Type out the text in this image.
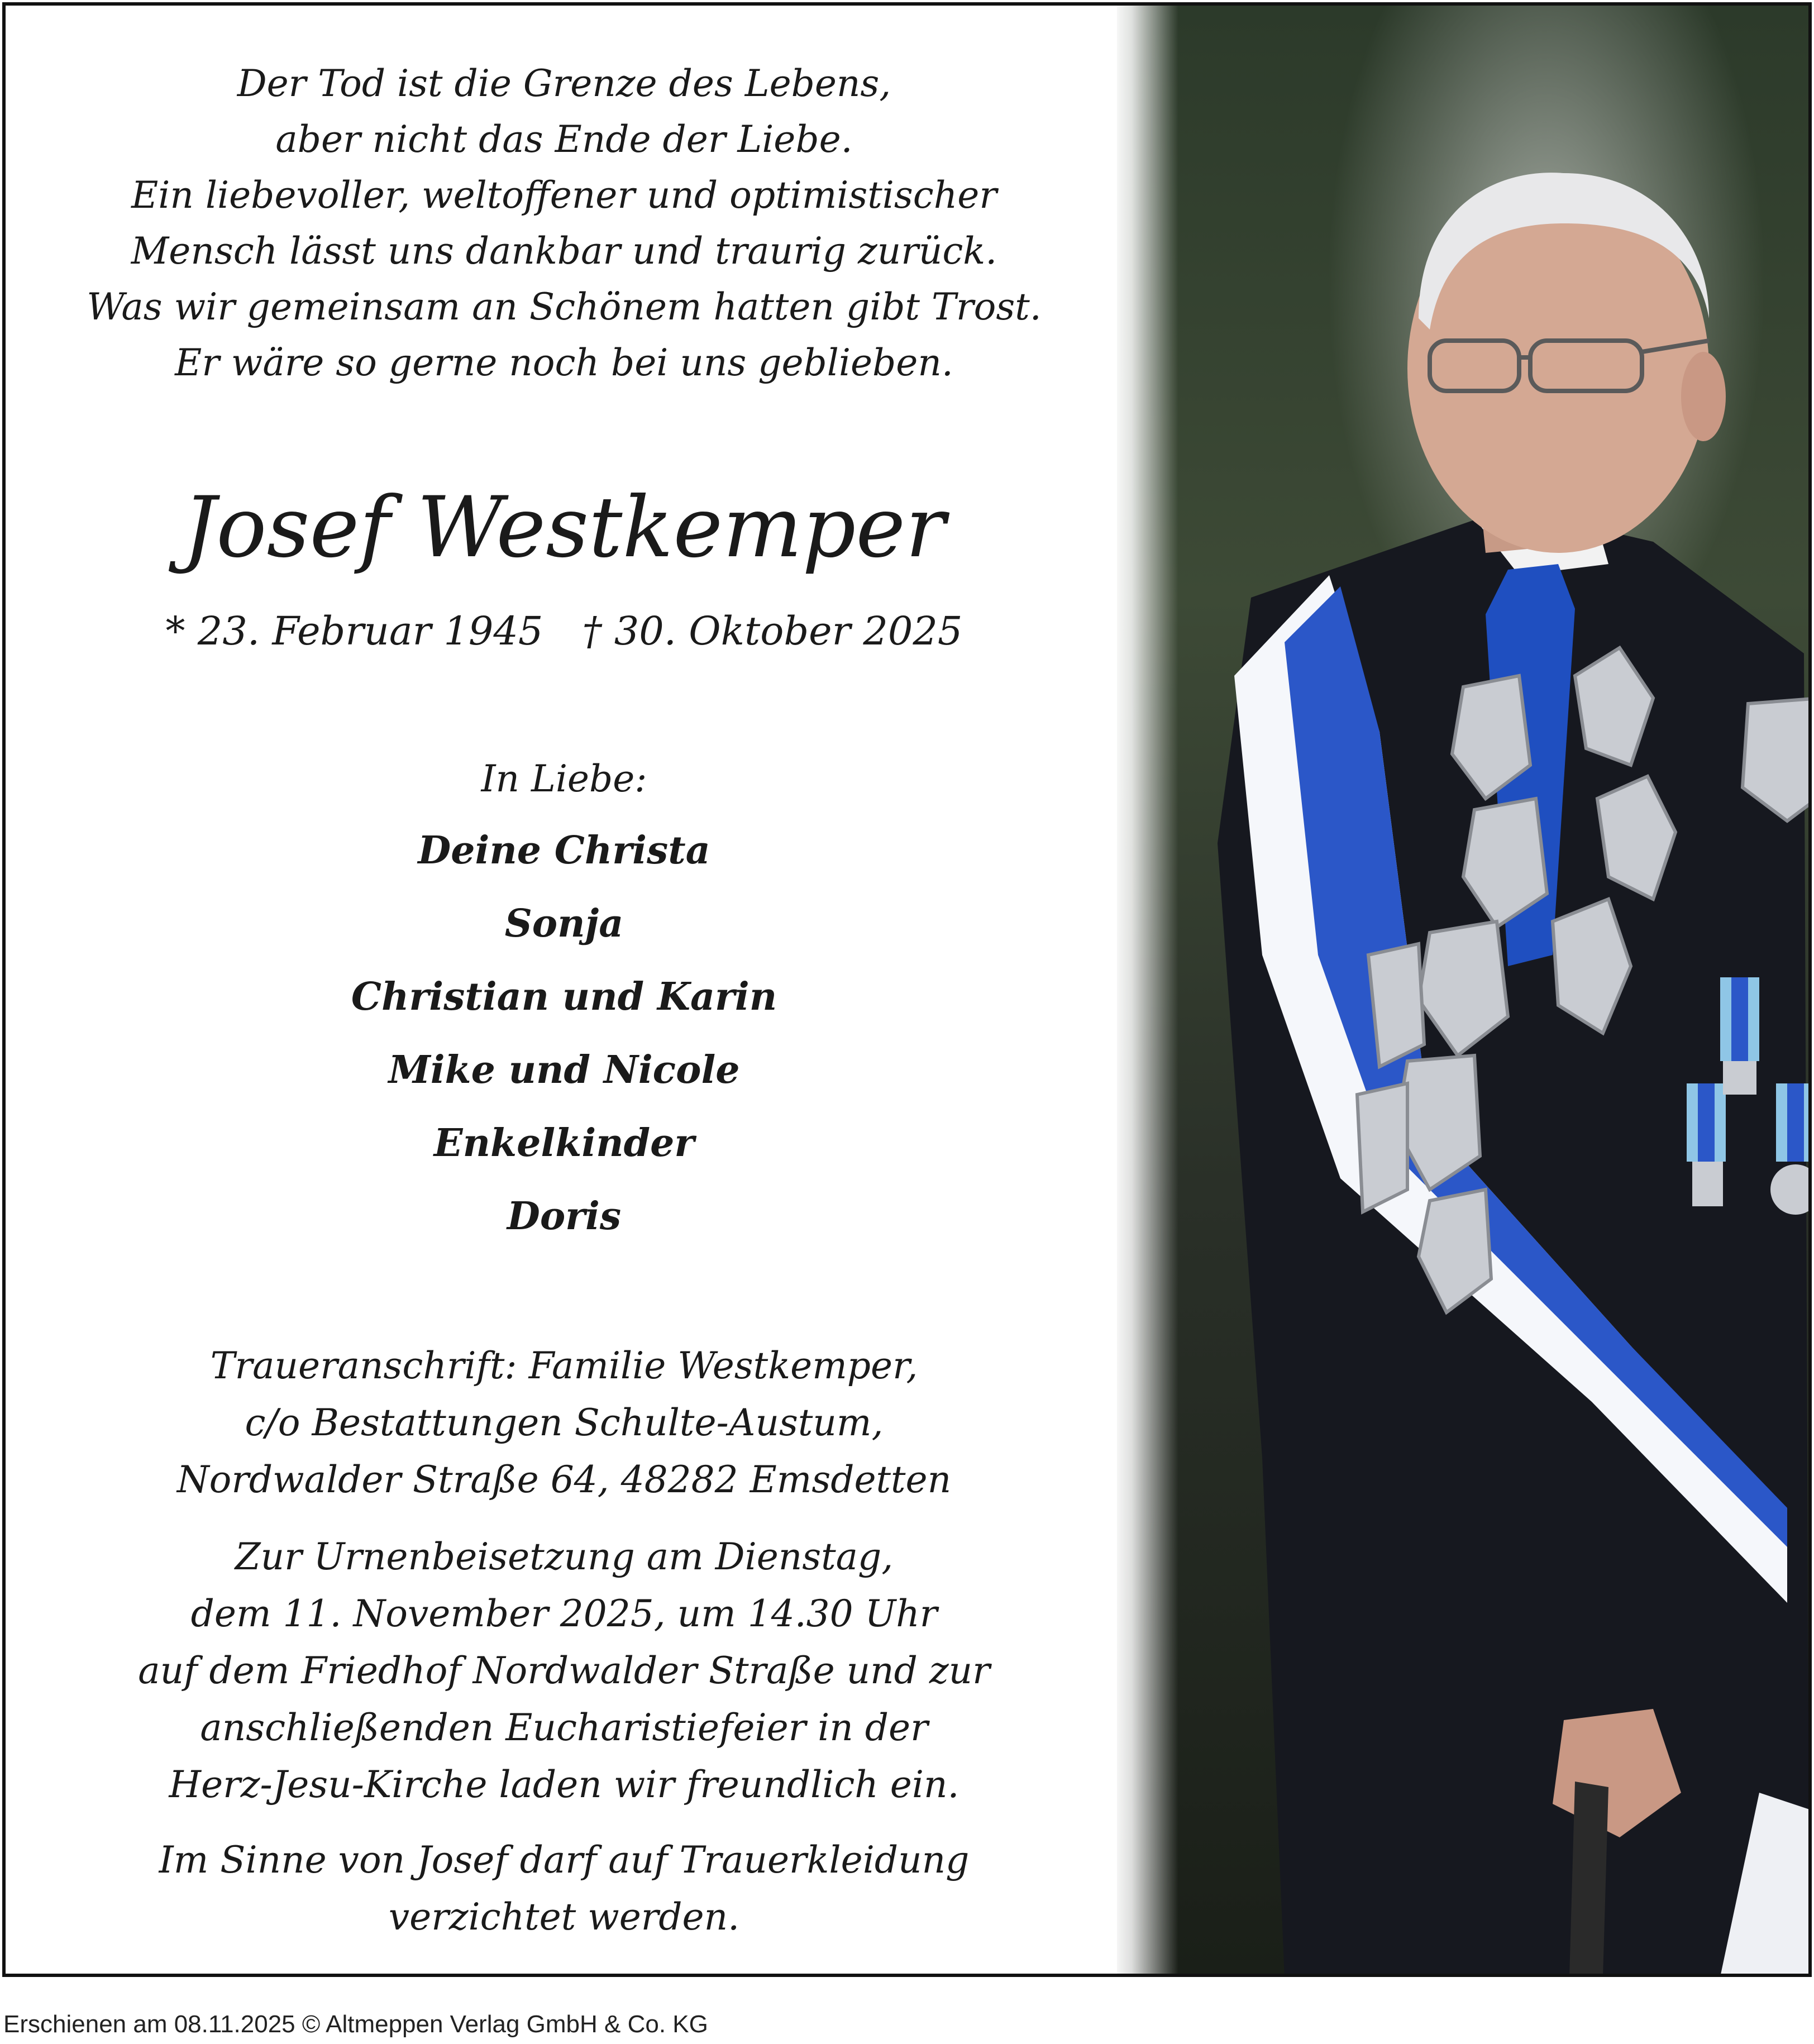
Der Tod ist die Grenze des Lebens,
aber nicht das Ende der Liebe.
Ein liebevoller, weltoffener und optimistischer
Mensch lässt uns dankbar und traurig zurück.
Was wir gemeinsam an Schönem hatten gibt Trost.
Er wäre so gerne noch bei uns geblieben.
Josef Westkemper
* 23. Februar 1945 † 30. Oktober 2025
In Liebe:
Deine Christa
Sonja
Christian und Karin
Mike und Nicole
Enkelkinder
Doris
Traueranschrift: Familie Westkemper,
c/o Bestattungen Schulte-Austum,
Nordwalder Straße 64, 48282 Emsdetten
Zur Urnenbeisetzung am Dienstag,
dem 11. November 2025, um 14.30 Uhr
auf dem Friedhof Nordwalder Straße und zur
anschließenden Eucharistiefeier in der
Herz-Jesu-Kirche laden wir freundlich ein.
Im Sinne von Josef darf auf Trauerkleidung
verzichtet werden.
Erschienen am 08.11.2025 © Altmeppen Verlag GmbH & Co. KG
